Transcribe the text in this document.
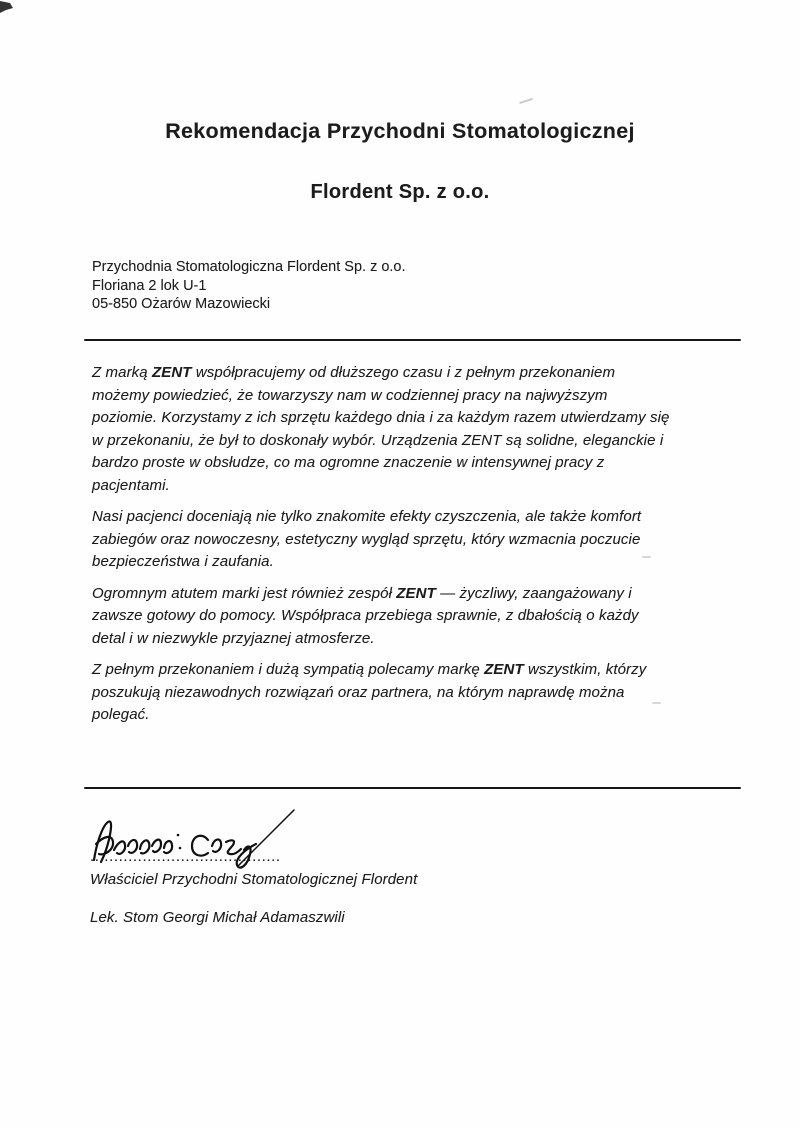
Rekomendacja Przychodni Stomatologicznej
Flordent Sp. z o.o.
Przychodnia Stomatologiczna Flordent Sp. z o.o.
Floriana 2 lok U-1
05-850 Ożarów Mazowiecki

Z marką ZENT współpracujemy od dłuższego czasu i z pełnym przekonaniem
możemy powiedzieć, że towarzyszy nam w codziennej pracy na najwyższym
poziomie. Korzystamy z ich sprzętu każdego dnia i za każdym razem utwierdzamy się
w przekonaniu, że był to doskonały wybór. Urządzenia ZENT są solidne, eleganckie i
bardzo proste w obsłudze, co ma ogromne znaczenie w intensywnej pracy z
pacjentami.

Nasi pacjenci doceniają nie tylko znakomite efekty czyszczenia, ale także komfort
zabiegów oraz nowoczesny, estetyczny wygląd sprzętu, który wzmacnia poczucie
bezpieczeństwa i zaufania.

Ogromnym atutem marki jest również zespół ZENT — życzliwy, zaangażowany i
zawsze gotowy do pomocy. Współpraca przebiega sprawnie, z dbałością o każdy
detal i w niezwykle przyjaznej atmosferze.

Z pełnym przekonaniem i dużą sympatią polecamy markę ZENT wszystkim, którzy
poszukują niezawodnych rozwiązań oraz partnera, na którym naprawdę można
polegać.

........................................
Właściciel Przychodni Stomatologicznej Flordent
Lek. Stom Georgi Michał Adamaszwili
